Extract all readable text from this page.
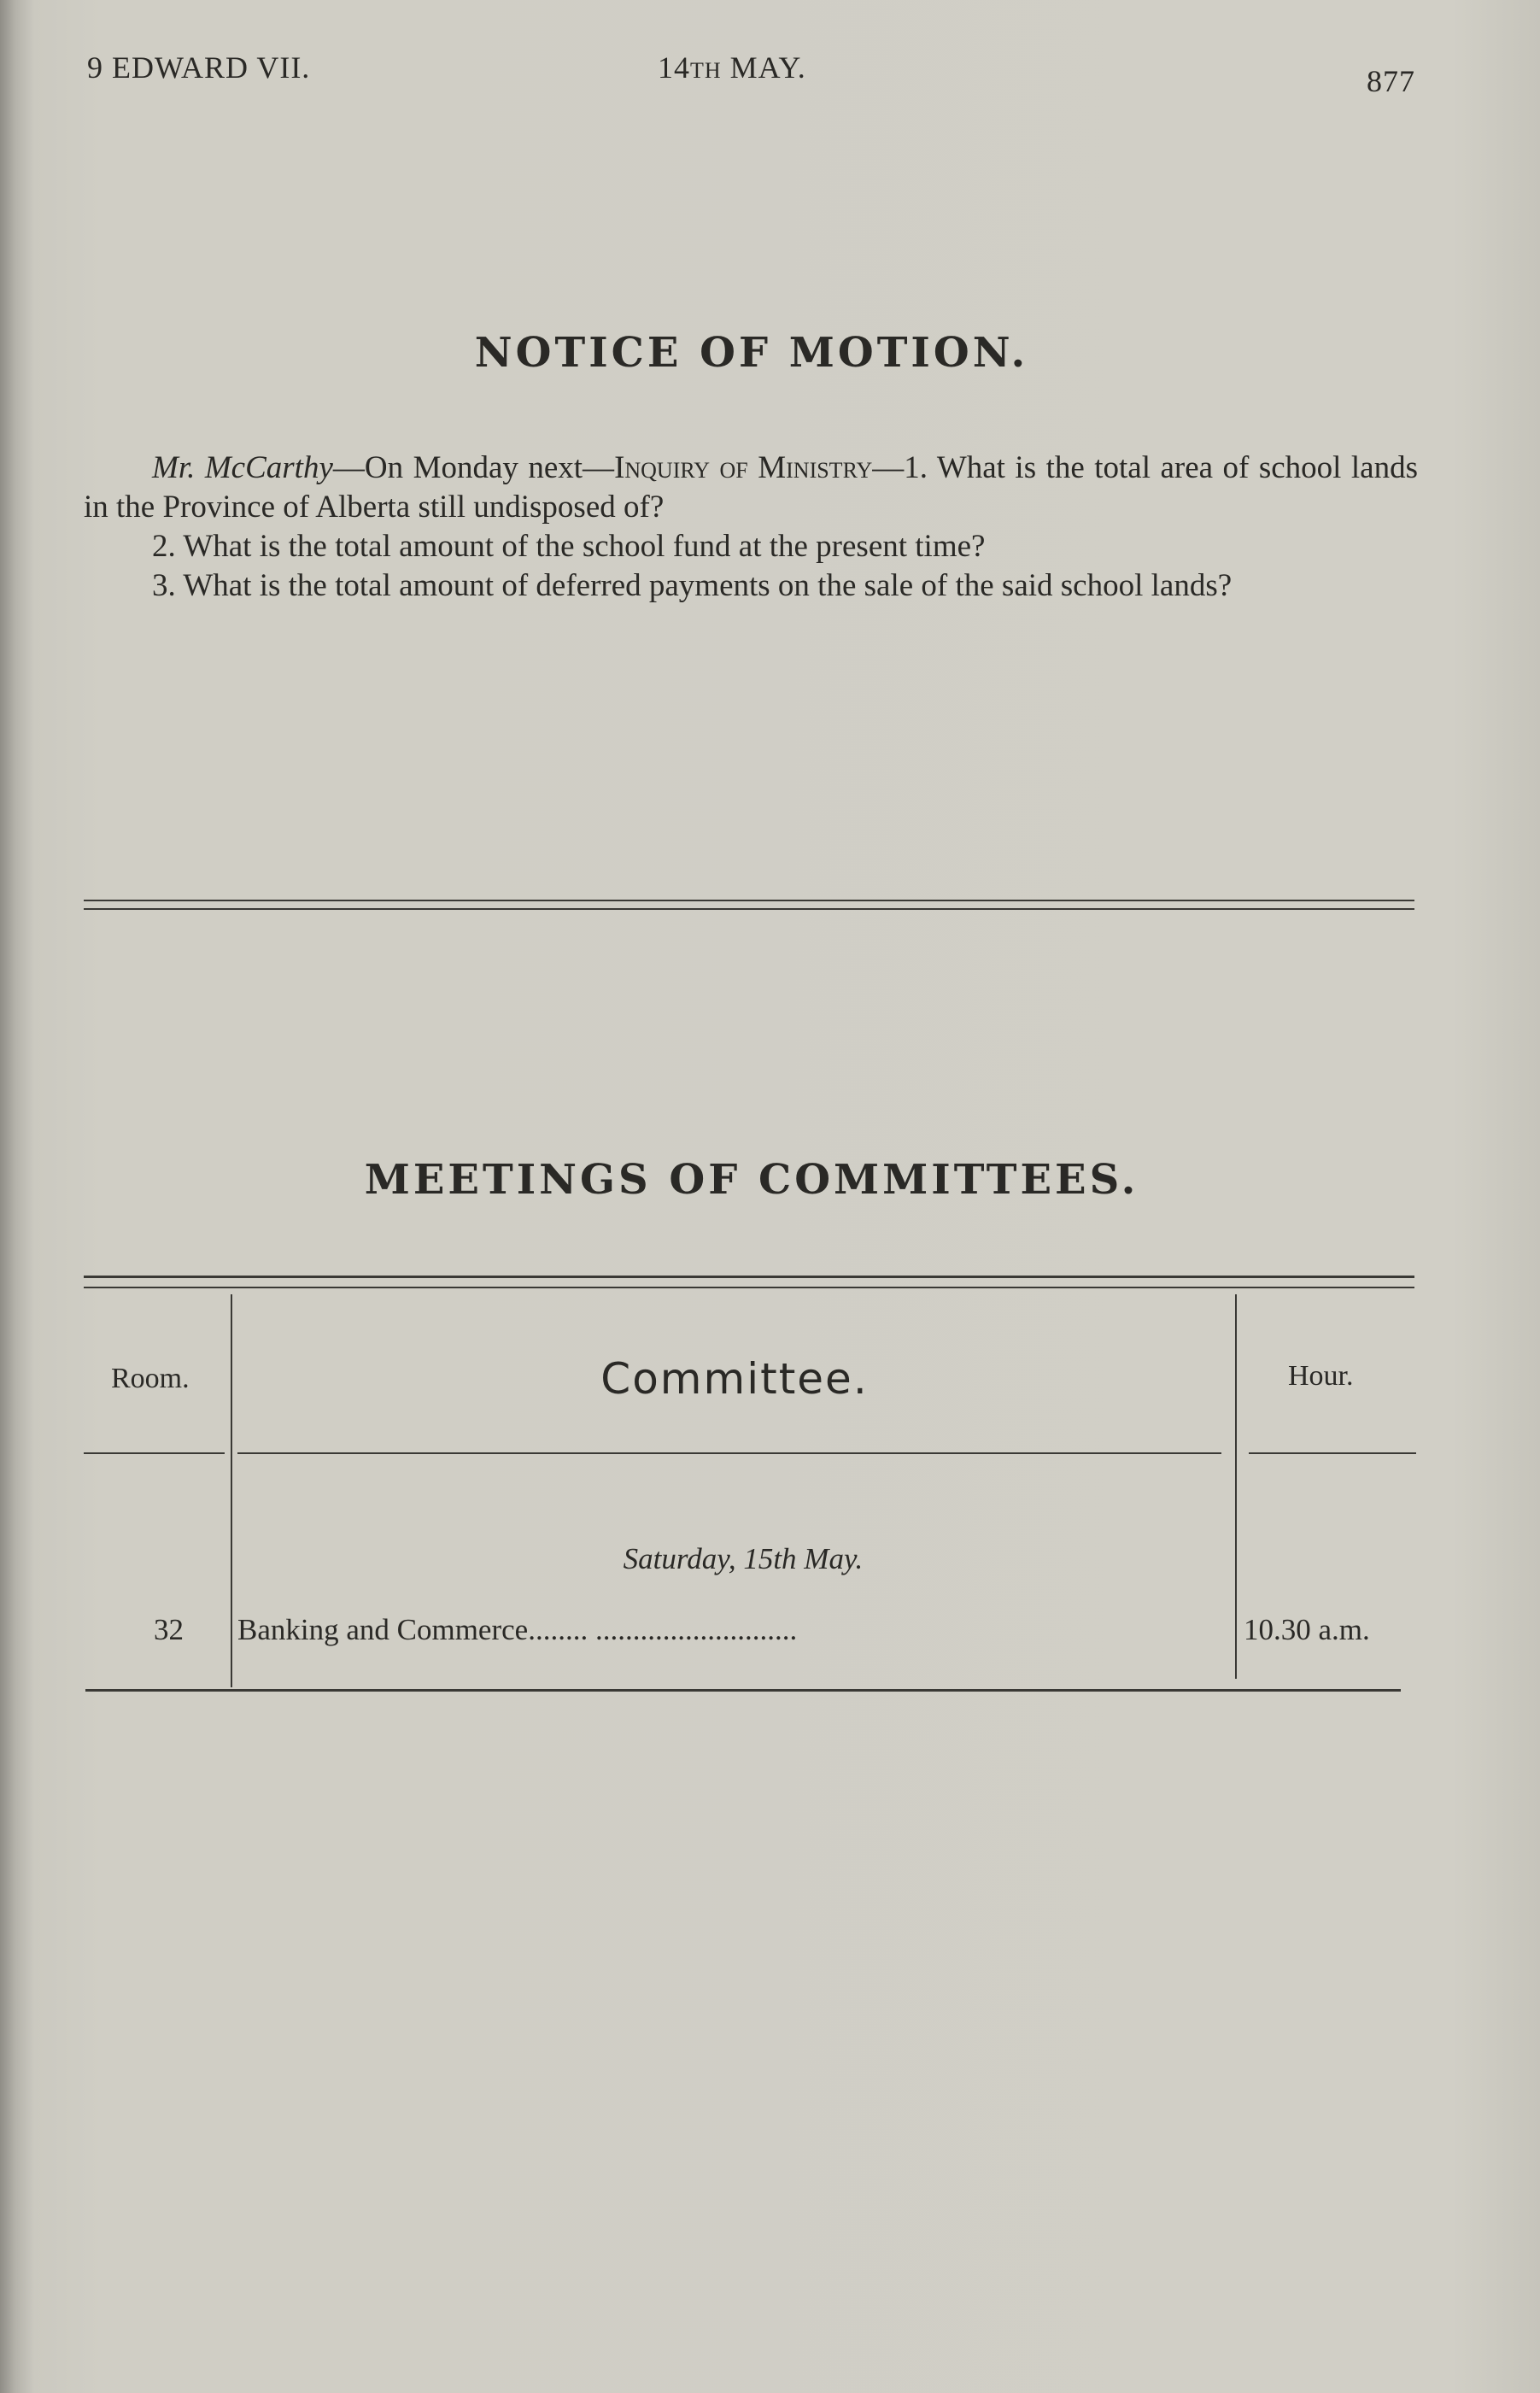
9 EDWARD VII.	14TH MAY.	877
NOTICE OF MOTION.

Mr. McCarthy—On Monday next—Inquiry of Ministry—1. What is the total area of school lands in the Province of Alberta still undisposed of?

2. What is the total amount of the school fund at the present time?

3. What is the total amount of deferred payments on the sale of the said school lands?

MEETINGS OF COMMITTEES.
Room.	Committee.	Hour.
Saturday, 15th May.
32 Banking and Commerce........ ...........................	10.30 a.m.
